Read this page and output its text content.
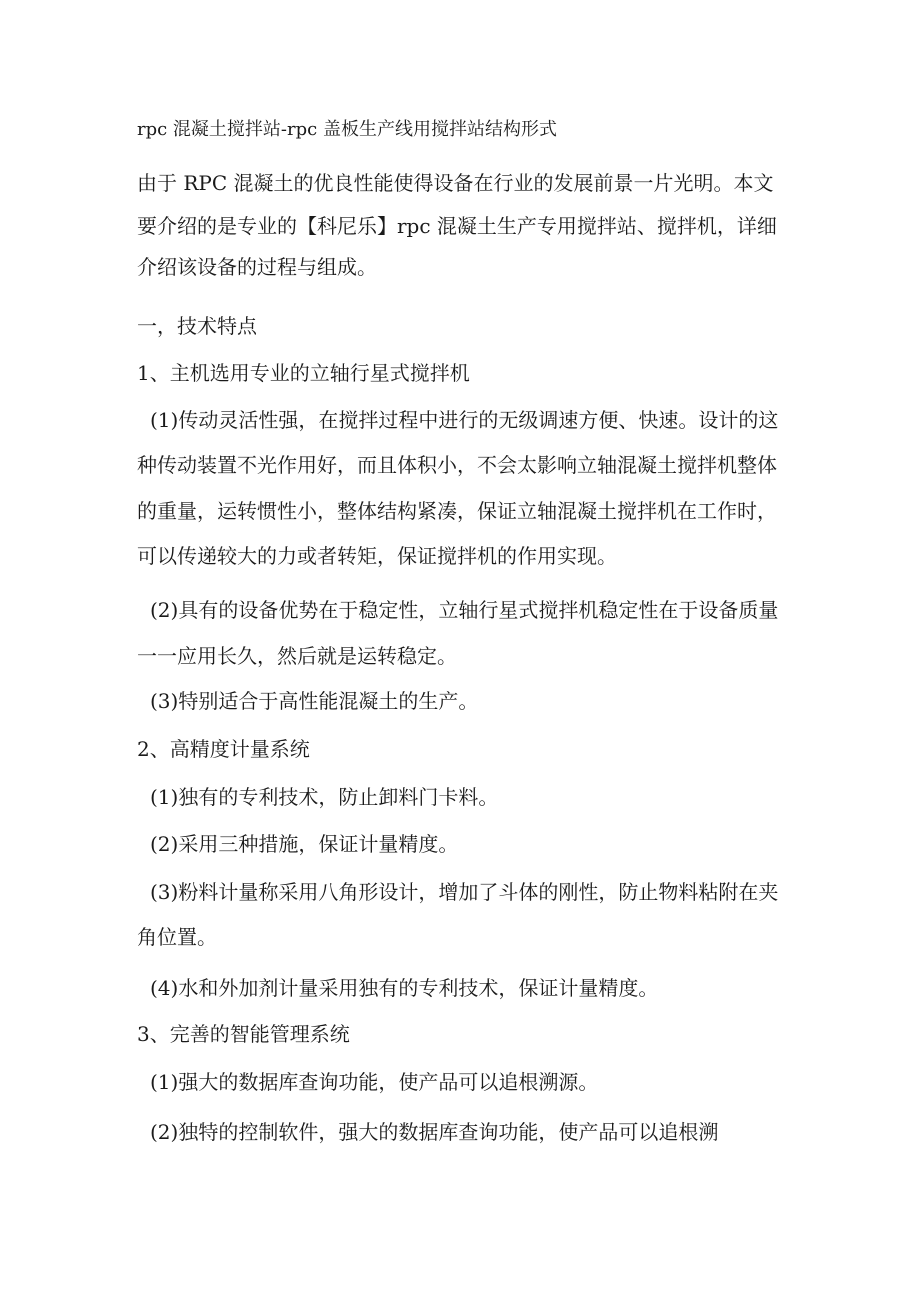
rpc 混凝土搅拌站-rpc 盖板生产线用搅拌站结构形式
由于 RPC 混凝土的优良性能使得设备在行业的发展前景一片光明。本文
要介绍的是专业的【科尼乐】rpc 混凝土生产专用搅拌站、搅拌机，详细
介绍该设备的过程与组成。
一，技术特点
1、主机选用专业的立轴行星式搅拌机
(1)传动灵活性强，在搅拌过程中进行的无级调速方便、快速。设计的这
种传动装置不光作用好，而且体积小，不会太影响立轴混凝土搅拌机整体
的重量，运转惯性小，整体结构紧凑，保证立轴混凝土搅拌机在工作时，
可以传递较大的力或者转矩，保证搅拌机的作用实现。
(2)具有的设备优势在于稳定性，立轴行星式搅拌机稳定性在于设备质量
一一应用长久，然后就是运转稳定。
(3)特别适合于高性能混凝土的生产。
2、高精度计量系统
(1)独有的专利技术，防止卸料门卡料。
(2)采用三种措施，保证计量精度。
(3)粉料计量称采用八角形设计，增加了斗体的刚性，防止物料粘附在夹
角位置。
(4)水和外加剂计量采用独有的专利技术，保证计量精度。
3、完善的智能管理系统
(1)强大的数据库查询功能，使产品可以追根溯源。
(2)独特的控制软件，强大的数据库查询功能，使产品可以追根溯
